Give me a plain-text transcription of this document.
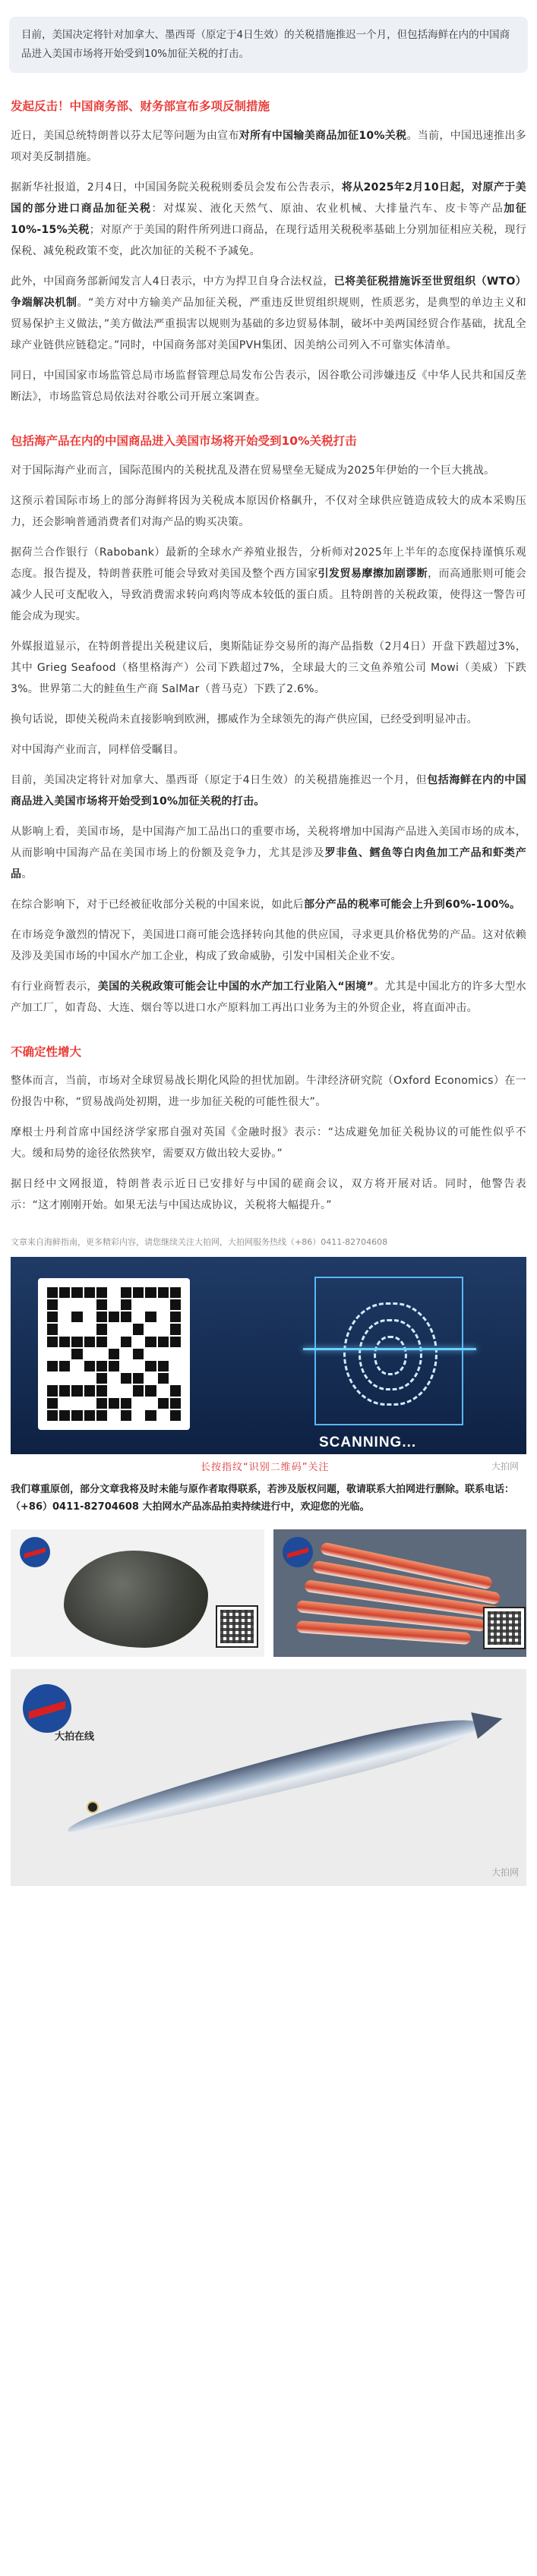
目前，美国决定将针对加拿大、墨西哥（原定于4日生效）的关税措施推迟一个月，但包括海鲜在内的中国商品进入美国市场将开始受到10%加征关税的打击。

发起反击！中国商务部、财务部宣布多项反制措施

近日，美国总统特朗普以芬太尼等问题为由宣布对所有中国输美商品加征10%关税。当前，中国迅速推出多项对美反制措施。

据新华社报道，2月4日，中国国务院关税税则委员会发布公告表示，将从2025年2月10日起，对原产于美国的部分进口商品加征关税：对煤炭、液化天然气、原油、农业机械、大排量汽车、皮卡等产品加征10%-15%关税；对原产于美国的附件所列进口商品，在现行适用关税税率基础上分别加征相应关税，现行保税、减免税政策不变，此次加征的关税不予减免。

此外，中国商务部新闻发言人4日表示，中方为捍卫自身合法权益，已将美征税措施诉至世贸组织（WTO）争端解决机制。“美方对中方输美产品加征关税，严重违反世贸组织规则，性质恶劣，是典型的单边主义和贸易保护主义做法，”美方做法严重损害以规则为基础的多边贸易体制，破坏中美两国经贸合作基础，扰乱全球产业链供应链稳定。”同时，中国商务部对美国PVH集团、因美纳公司列入不可靠实体清单。

同日，中国国家市场监管总局市场监督管理总局发布公告表示，因谷歌公司涉嫌违反《中华人民共和国反垄断法》，市场监管总局依法对谷歌公司开展立案调查。

包括海产品在内的中国商品进入美国市场将开始受到10%关税打击

对于国际海产业而言，国际范围内的关税扰乱及潜在贸易壁垒无疑成为2025年伊始的一个巨大挑战。

这预示着国际市场上的部分海鲜将因为关税成本原因价格飙升，不仅对全球供应链造成较大的成本采购压力，还会影响普通消费者们对海产品的购买决策。

据荷兰合作银行（Rabobank）最新的全球水产养殖业报告，分析师对2025年上半年的态度保持谨慎乐观态度。报告提及，特朗普获胜可能会导致对美国及整个西方国家引发贸易摩擦加剧谬断，而高通胀则可能会减少人民可支配收入，导致消费需求转向鸡肉等成本较低的蛋白质。且特朗普的关税政策，使得这一警告可能会成为现实。

外媒报道显示，在特朗普提出关税建议后，奥斯陆证券交易所的海产品指数（2月4日）开盘下跌超过3%，其中 Grieg Seafood（格里格海产）公司下跌超过7%，全球最大的三文鱼养殖公司 Mowi（美威）下跌3%。世界第二大的鲑鱼生产商 SalMar（普马克）下跌了2.6%。

换句话说，即使关税尚未直接影响到欧洲，挪威作为全球领先的海产供应国，已经受到明显冲击。

对中国海产业而言，同样倍受瞩目。

目前，美国决定将针对加拿大、墨西哥（原定于4日生效）的关税措施推迟一个月，但包括海鲜在内的中国商品进入美国市场将开始受到10%加征关税的打击。

从影响上看，美国市场，是中国海产加工品出口的重要市场，关税将增加中国海产品进入美国市场的成本，从而影响中国海产品在美国市场上的份额及竞争力，尤其是涉及罗非鱼、鳕鱼等白肉鱼加工产品和虾类产品。

在综合影响下，对于已经被征收部分关税的中国来说，如此后部分产品的税率可能会上升到60%-100%。

在市场竞争激烈的情况下，美国进口商可能会选择转向其他的供应国，寻求更具价格优势的产品。这对依赖及涉及美国市场的中国水产加工企业，构成了致命威胁，引发中国相关企业不安。

有行业商暂表示，美国的关税政策可能会让中国的水产加工行业陷入“困境”。尤其是中国北方的许多大型水产加工厂，如青岛、大连、烟台等以进口水产原料加工再出口业务为主的外贸企业，将直面冲击。

不确定性增大

整体而言，当前，市场对全球贸易战长期化风险的担忧加剧。牛津经济研究院（Oxford Economics）在一份报告中称，“贸易战尚处初期，进一步加征关税的可能性很大”。

摩根士丹利首席中国经济学家邢自强对英国《金融时报》表示：“达成避免加征关税协议的可能性似乎不大。缓和局势的途径依然狭窄，需要双方做出较大妥协。”

据日经中文网报道，特朗普表示近日已安排好与中国的磋商会议，双方将开展对话。同时，他警告表示：“这才刚刚开始。如果无法与中国达成协议，关税将大幅提升。”

文章来自海鲜指南，更多精彩内容，请您继续关注大拍网，大拍网服务热线（+86）0411-82704608

SCANNING...
长按指纹“识别二维码”关注	大拍网

我们尊重原创，部分文章我将及时未能与原作者取得联系，若涉及版权问题，敬请联系大拍网进行删除。联系电话：（+86）0411-82704608 大拍网水产品冻品拍卖持续进行中，欢迎您的光临。

大拍在线
大拍网
